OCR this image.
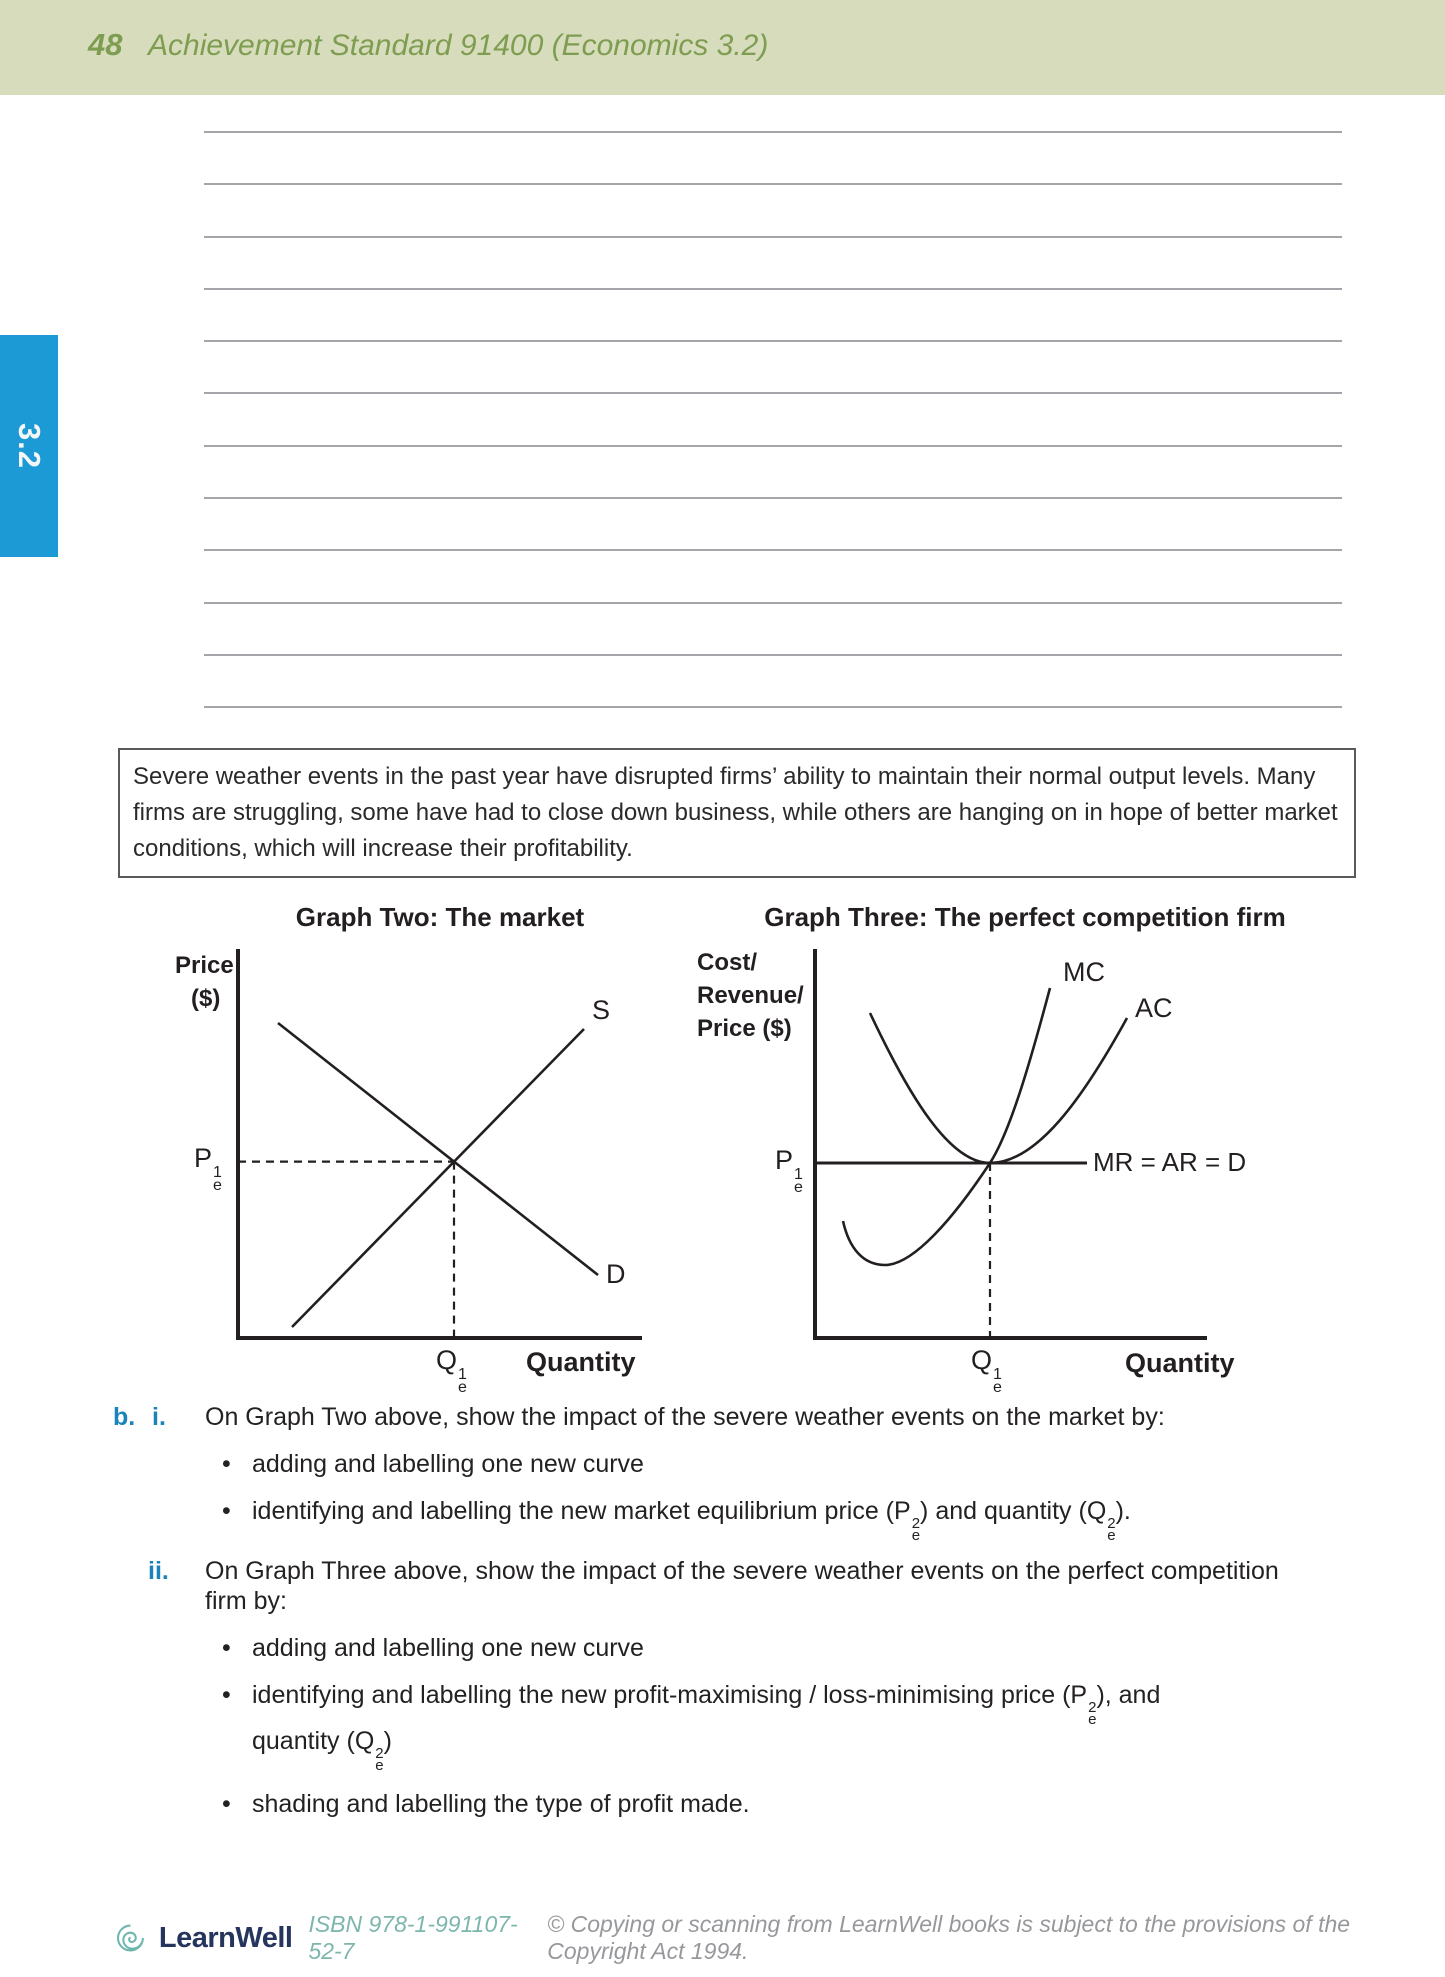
48 Achievement Standard 91400 (Economics 3.2)
3.2

Severe weather events in the past year have disrupted firms’ ability to maintain their normal output levels. Many firms are struggling, some have had to close down business, while others are hanging on in hope of better market conditions, which will increase their profitability.

Graph Two: The market	Graph Three: The perfect competition firm
Price
($)	S
D
P 1
e
Q 1
e
Quantity
Cost/
Revenue/
Price ($)
MC
AC
MR = AR = D
P 1
e
Q 1
e
Quantity
b. i.	On Graph Two above, show the impact of the severe weather events on the market by:
• adding and labelling one new curve
• identifying and labelling the new market equilibrium price (P 2
e
) and quantity (Q 2
e
).
ii.	On Graph Three above, show the impact of the severe weather events on the perfect competition
firm by:
• adding and labelling one new curve
• identifying and labelling the new profit-maximising / loss-minimising price (P 2
e
), and
quantity (Q 2
e
)
• shading and labelling the type of profit made.
LearnWell ISBN 978-1-991107-52-7
© Copying or scanning from LearnWell books is subject to the provisions of the Copyright Act 1994.
